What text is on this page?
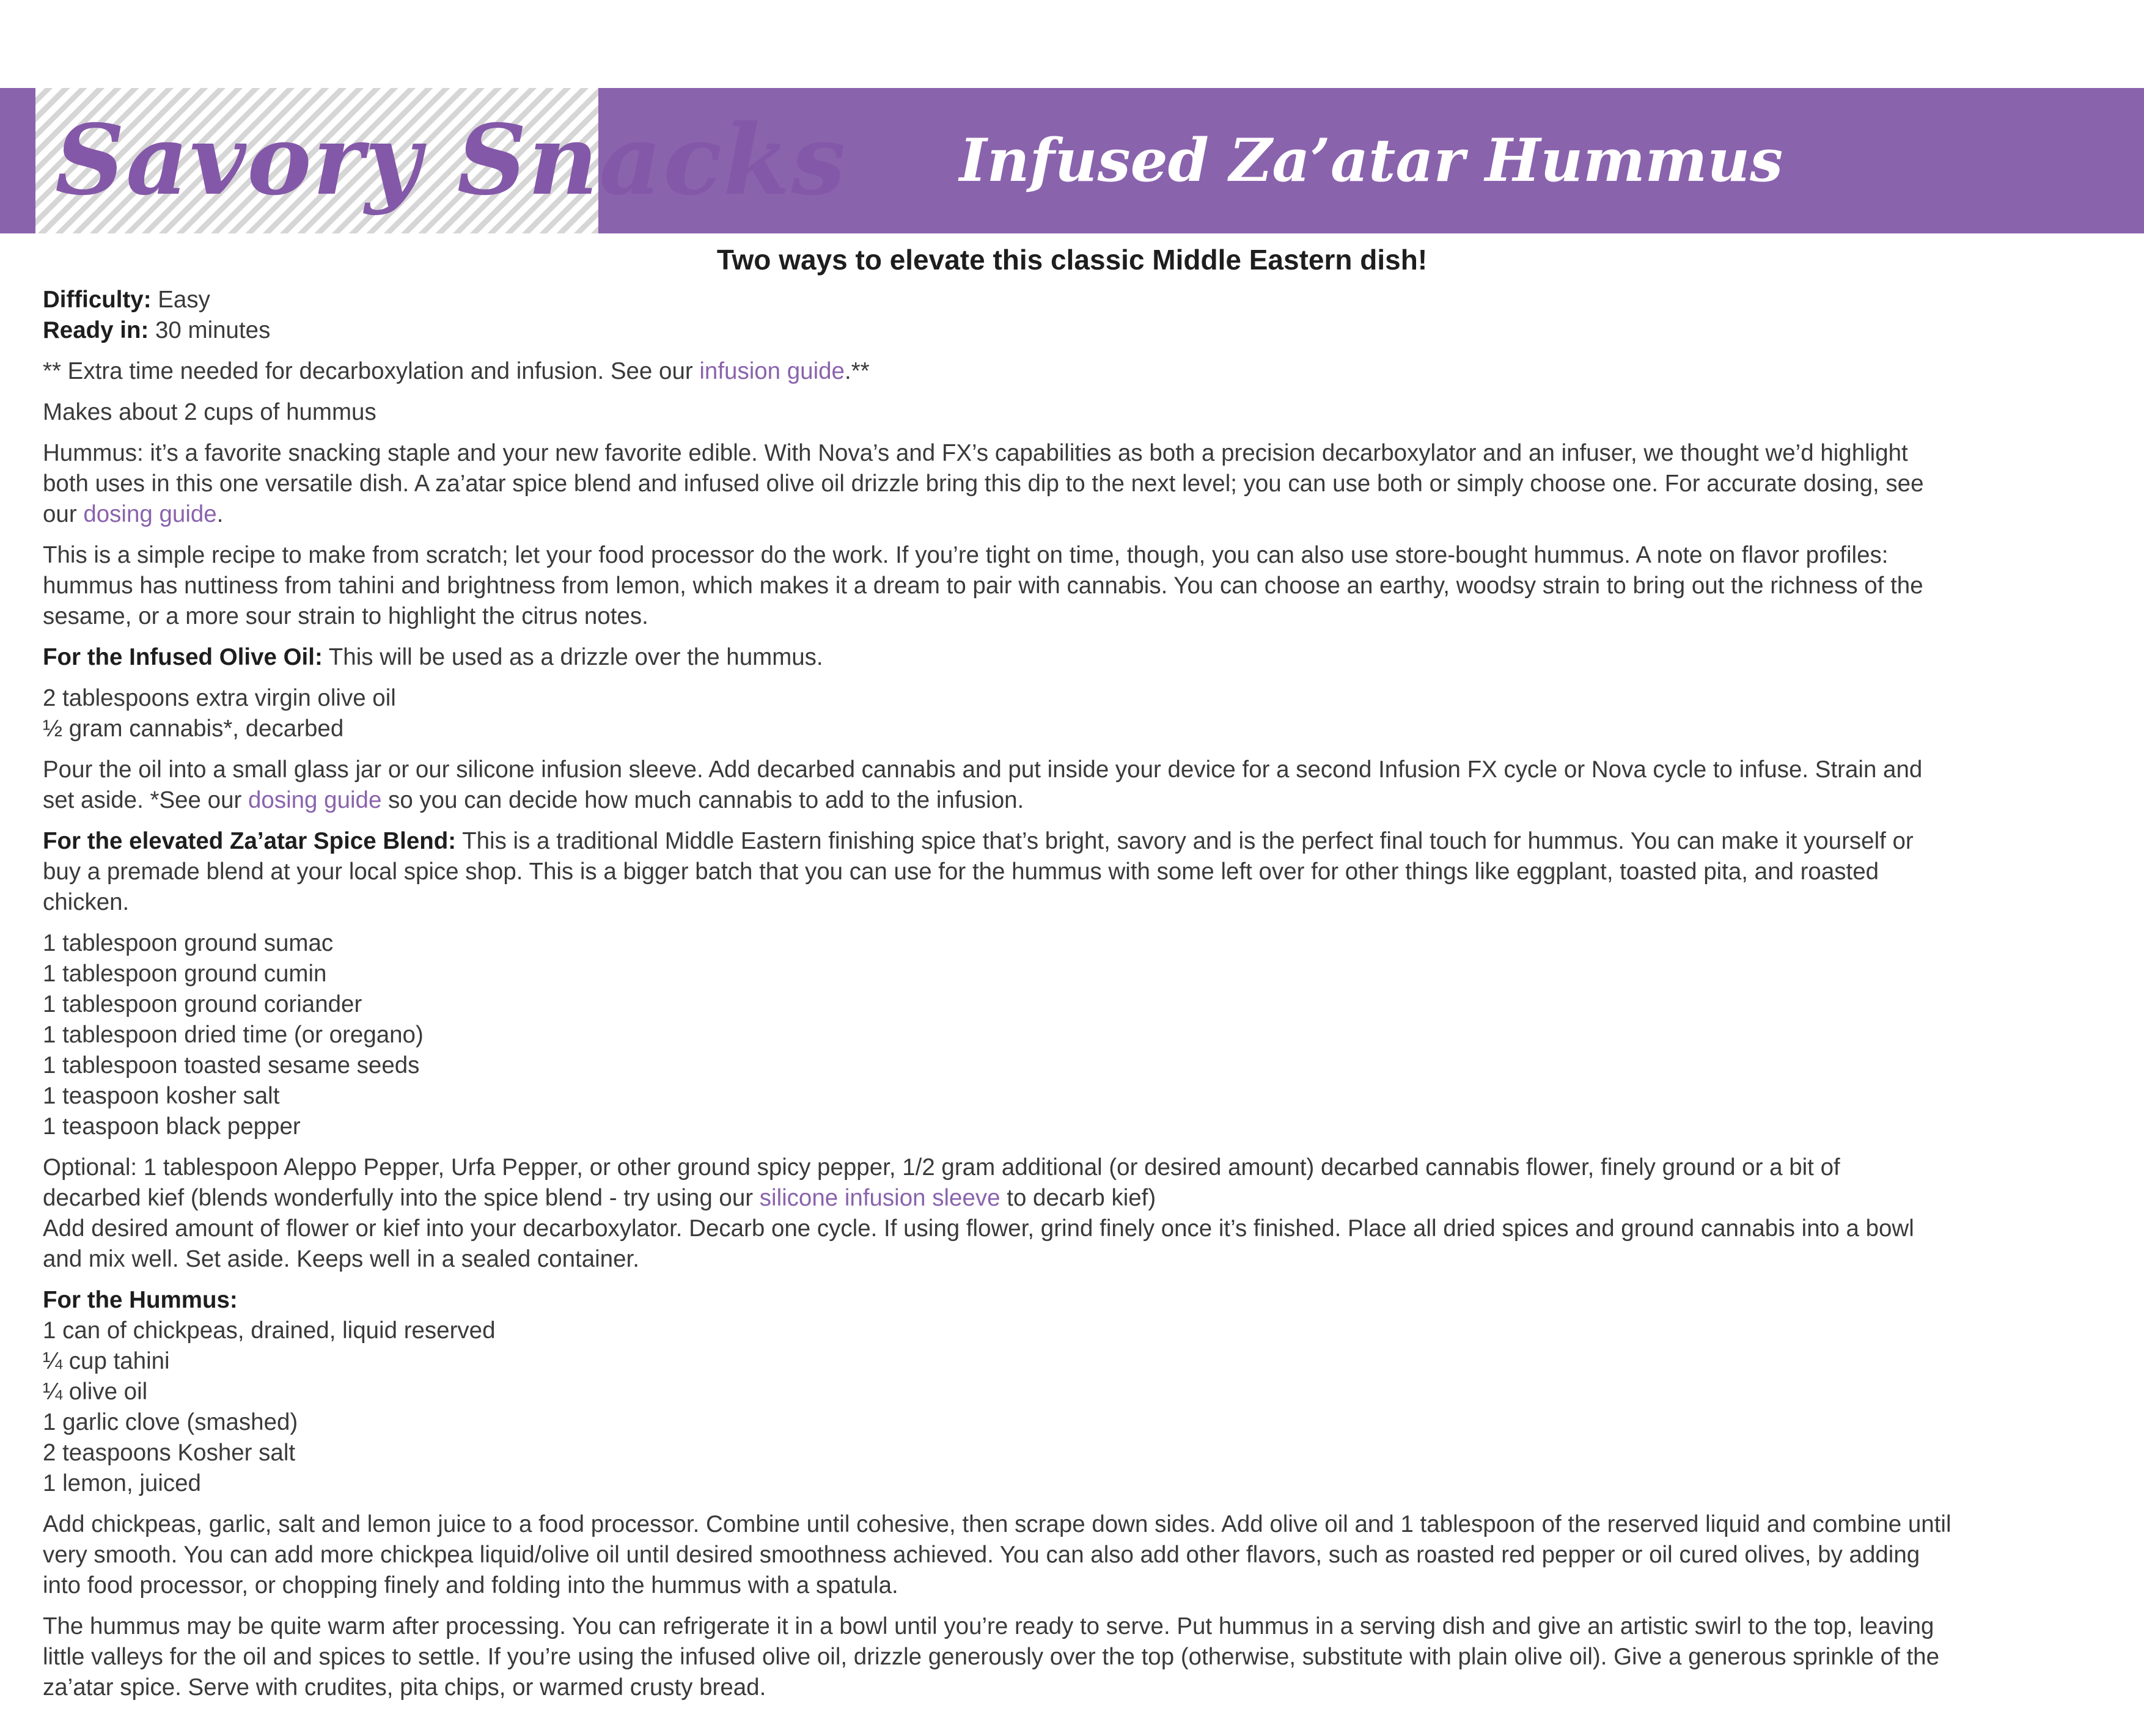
Savory Snacks	Infused Za’atar Hummus
Two ways to elevate this classic Middle Eastern dish!

Difficulty: Easy
Ready in: 30 minutes

** Extra time needed for decarboxylation and infusion. See our infusion guide.**

Makes about 2 cups of hummus

Hummus: it’s a favorite snacking staple and your new favorite edible. With Nova’s and FX’s capabilities as both a precision decarboxylator and an infuser, we thought we’d highlight
both uses in this one versatile dish. A za’atar spice blend and infused olive oil drizzle bring this dip to the next level; you can use both or simply choose one. For accurate dosing, see
our dosing guide.

This is a simple recipe to make from scratch; let your food processor do the work. If you’re tight on time, though, you can also use store-bought hummus. A note on flavor profiles:
hummus has nuttiness from tahini and brightness from lemon, which makes it a dream to pair with cannabis. You can choose an earthy, woodsy strain to bring out the richness of the
sesame, or a more sour strain to highlight the citrus notes.

For the Infused Olive Oil: This will be used as a drizzle over the hummus.

2 tablespoons extra virgin olive oil
½ gram cannabis*, decarbed

Pour the oil into a small glass jar or our silicone infusion sleeve. Add decarbed cannabis and put inside your device for a second Infusion FX cycle or Nova cycle to infuse. Strain and
set aside. *See our dosing guide so you can decide how much cannabis to add to the infusion.

For the elevated Za’atar Spice Blend: This is a traditional Middle Eastern finishing spice that’s bright, savory and is the perfect final touch for hummus. You can make it yourself or
buy a premade blend at your local spice shop. This is a bigger batch that you can use for the hummus with some left over for other things like eggplant, toasted pita, and roasted
chicken.

1 tablespoon ground sumac
1 tablespoon ground cumin
1 tablespoon ground coriander
1 tablespoon dried time (or oregano)
1 tablespoon toasted sesame seeds
1 teaspoon kosher salt
1 teaspoon black pepper

Optional: 1 tablespoon Aleppo Pepper, Urfa Pepper, or other ground spicy pepper, 1/2 gram additional (or desired amount) decarbed cannabis flower, finely ground or a bit of
decarbed kief (blends wonderfully into the spice blend - try using our silicone infusion sleeve to decarb kief)
Add desired amount of flower or kief into your decarboxylator. Decarb one cycle. If using flower, grind finely once it’s finished. Place all dried spices and ground cannabis into a bowl
and mix well. Set aside. Keeps well in a sealed container.

For the Hummus:
1 can of chickpeas, drained, liquid reserved
¼ cup tahini
¼ olive oil
1 garlic clove (smashed)
2 teaspoons Kosher salt
1 lemon, juiced

Add chickpeas, garlic, salt and lemon juice to a food processor. Combine until cohesive, then scrape down sides. Add olive oil and 1 tablespoon of the reserved liquid and combine until
very smooth. You can add more chickpea liquid/olive oil until desired smoothness achieved. You can also add other flavors, such as roasted red pepper or oil cured olives, by adding
into food processor, or chopping finely and folding into the hummus with a spatula.

The hummus may be quite warm after processing. You can refrigerate it in a bowl until you’re ready to serve. Put hummus in a serving dish and give an artistic swirl to the top, leaving
little valleys for the oil and spices to settle. If you’re using the infused olive oil, drizzle generously over the top (otherwise, substitute with plain olive oil). Give a generous sprinkle of the
za’atar spice. Serve with crudites, pita chips, or warmed crusty bread.
